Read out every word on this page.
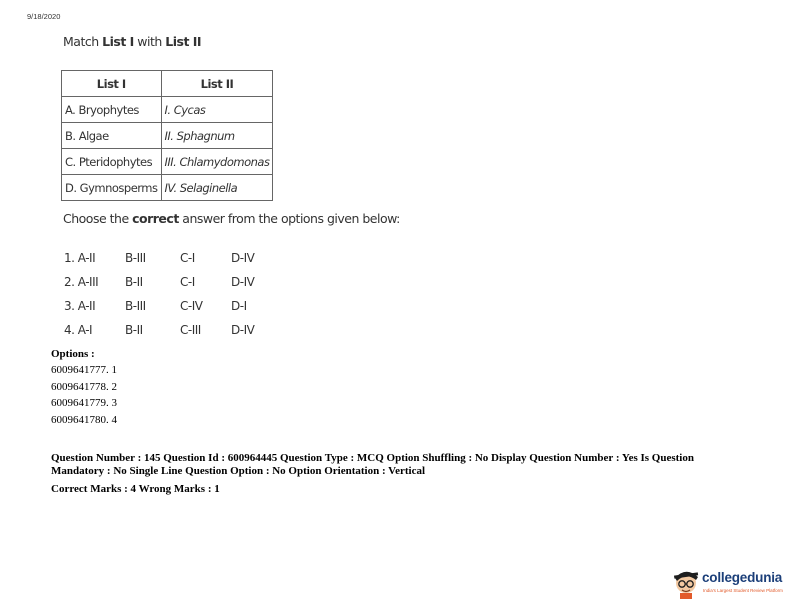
9/18/2020
Match List I with List II
List I	List II
A. Bryophytes	I. Cycas
B. Algae	II. Sphagnum
C. Pteridophytes	III. Chlamydomonas
D. Gymnosperms	IV. Selaginella
Choose the correct answer from the options given below:
1. A-II B-III	C-I	D-IV
2. A-III B-II	C-I	D-IV
3. A-II B-III	C-IV D-I
4. A-I	B-II	C-III	D-IV
Options :
6009641777. 1
6009641778. 2
6009641779. 3
6009641780. 4
Question Number : 145 Question Id : 600964445 Question Type : MCQ Option Shuffling : No Display Question Number : Yes Is Question Mandatory : No Single Line Question Option : No Option Orientation : Vertical
Correct Marks : 4 Wrong Marks : 1
collegedunia
India's Largest Student Review Platform
